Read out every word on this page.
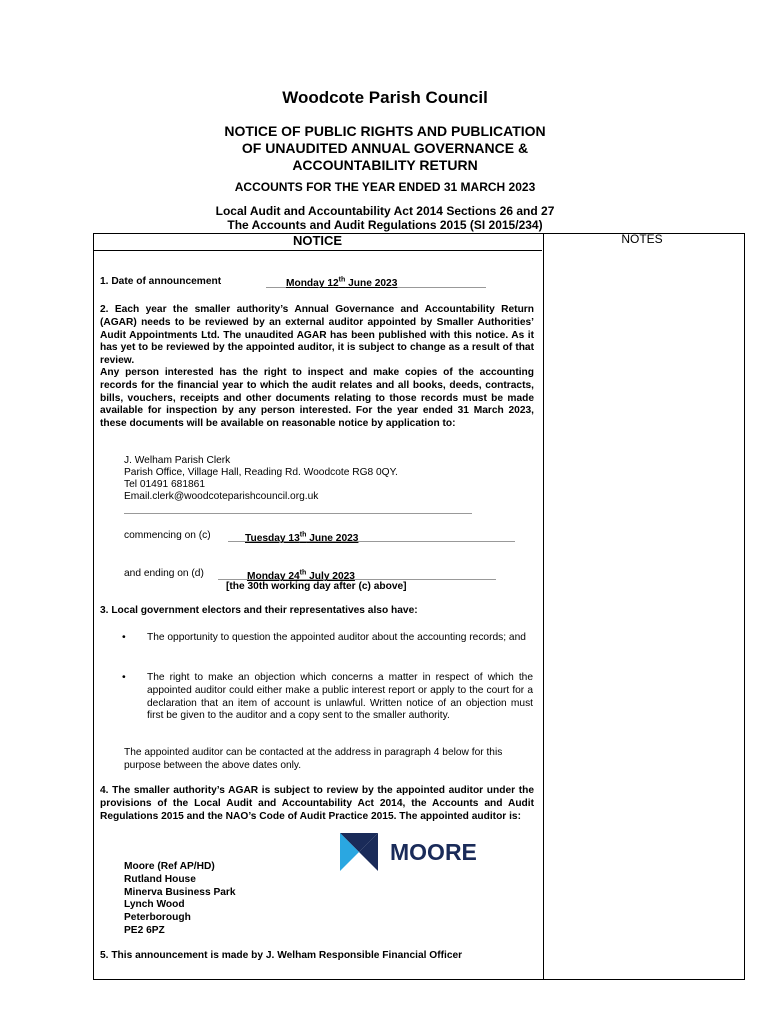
Woodcote Parish Council
NOTICE OF PUBLIC RIGHTS AND PUBLICATION
OF UNAUDITED ANNUAL GOVERNANCE &
ACCOUNTABILITY RETURN
ACCOUNTS FOR THE YEAR ENDED 31 MARCH 2023
Local Audit and Accountability Act 2014 Sections 26 and 27
The Accounts and Audit Regulations 2015 (SI 2015/234)
NOTICE	NOTES
1. Date of announcement	Monday 12th June 2023
2. Each year the smaller authority’s Annual Governance and Accountability Return (AGAR) needs to be reviewed by an external auditor appointed by Smaller Authorities’ Audit Appointments Ltd. The unaudited AGAR has been published with this notice. As it has yet to be reviewed by the appointed auditor, it is subject to change as a result of that review.
Any person interested has the right to inspect and make copies of the accounting records for the financial year to which the audit relates and all books, deeds, contracts, bills, vouchers, receipts and other documents relating to those records must be made available for inspection by any person interested. For the year ended 31 March 2023, these documents will be available on reasonable notice by application to:
J. Welham Parish Clerk
Parish Office, Village Hall, Reading Rd. Woodcote RG8 0QY.
Tel 01491 681861
Email.clerk@woodcoteparishcouncil.org.uk
commencing on (c)	Tuesday 13th June 2023
and ending on (d)	Monday 24th July 2023
[the 30th working day after (c) above]
3. Local government electors and their representatives also have:
• The opportunity to question the appointed auditor about the accounting records; and
• The right to make an objection which concerns a matter in respect of which the appointed auditor could either make a public interest report or apply to the court for a declaration that an item of account is unlawful. Written notice of an objection must first be given to the auditor and a copy sent to the smaller authority.
The appointed auditor can be contacted at the address in paragraph 4 below for this purpose between the above dates only.
4. The smaller authority’s AGAR is subject to review by the appointed auditor under the provisions of the Local Audit and Accountability Act 2014, the Accounts and Audit Regulations 2015 and the NAO’s Code of Audit Practice 2015. The appointed auditor is:
MOORE
Moore (Ref AP/HD)
Rutland House
Minerva Business Park
Lynch Wood
Peterborough
PE2 6PZ
5. This announcement is made by J. Welham Responsible Financial Officer
